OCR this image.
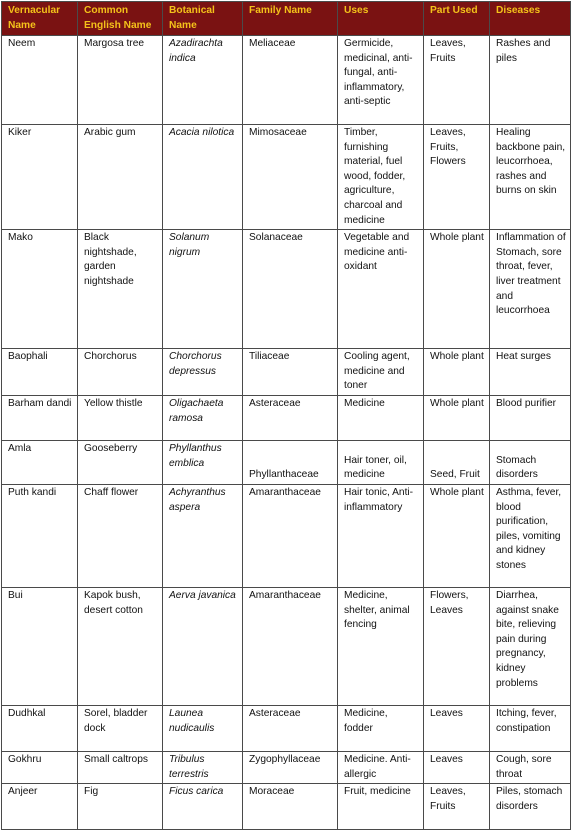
Vernacular Name	Common English Name	Botanical Name	Family Name	Uses	Part Used	Diseases
Neem	Margosa tree	Azadirachta indica	Meliaceae	Germicide, medicinal, anti-fungal, anti-inflammatory, anti-septic	Leaves, Fruits	Rashes and piles
Kiker	Arabic gum	Acacia nilotica	Mimosaceae	Timber, furnishing material, fuel wood, fodder, agriculture, charcoal and medicine	Leaves, Fruits, Flowers	Healing backbone pain, leucorrhoea, rashes and burns on skin
Mako	Black nightshade, garden nightshade	Solanum nigrum	Solanaceae	Vegetable and medicine anti-oxidant	Whole plant	Inflammation of Stomach, sore throat, fever, liver treatment and leucorrhoea
Baophali	Chorchorus	Chorchorus depressus	Tiliaceae	Cooling agent, medicine and toner	Whole plant	Heat surges
Barham dandi	Yellow thistle	Oligachaeta ramosa	Asteraceae	Medicine	Whole plant	Blood purifier
Amla	Gooseberry	Phyllanthus emblica	Phyllanthaceae	Hair toner, oil, medicine	Seed, Fruit	Stomach disorders
Puth kandi	Chaff flower	Achyranthus aspera	Amaranthaceae	Hair tonic, Anti-inflammatory	Whole plant	Asthma, fever, blood purification, piles, vomiting and kidney stones
Bui	Kapok bush, desert cotton	Aerva javanica	Amaranthaceae	Medicine, shelter, animal fencing	Flowers, Leaves	Diarrhea, against snake bite, relieving pain during pregnancy, kidney problems
Dudhkal	Sorel, bladder dock	Launea nudicaulis	Asteraceae	Medicine, fodder	Leaves	Itching, fever, constipation
Gokhru	Small caltrops	Tribulus terrestris	Zygophyllaceae	Medicine. Anti-allergic	Leaves	Cough, sore throat
Anjeer	Fig	Ficus carica	Moraceae	Fruit, medicine	Leaves, Fruits	Piles, stomach disorders
